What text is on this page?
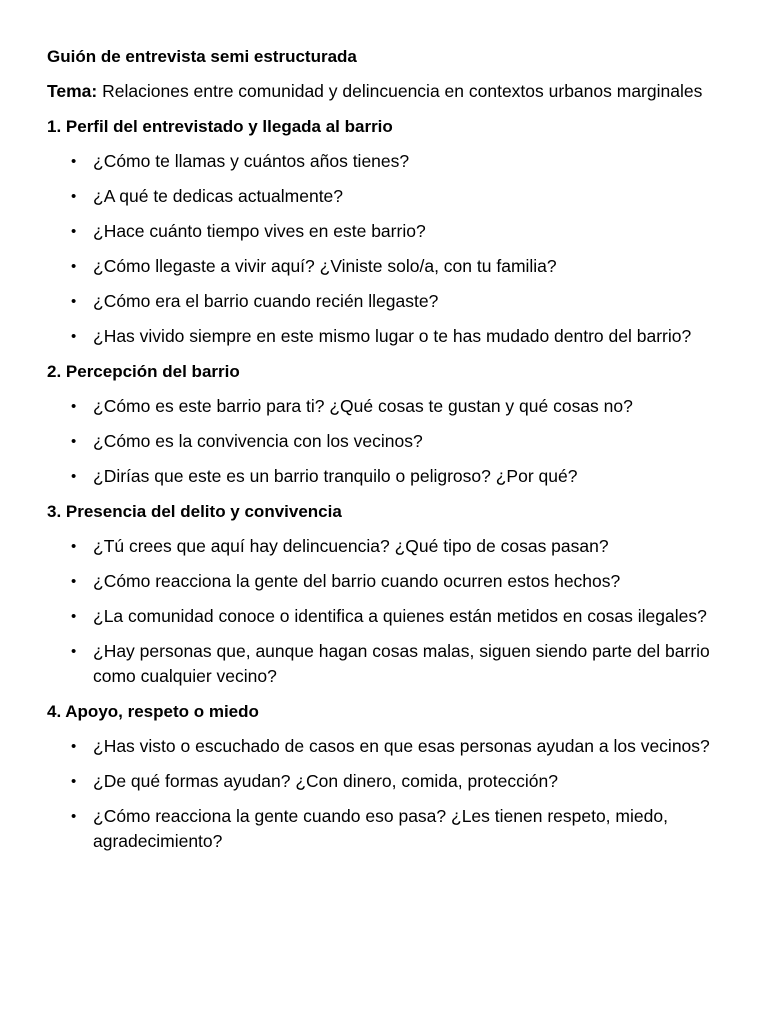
Guión de entrevista semi estructurada

Tema: Relaciones entre comunidad y delincuencia en contextos urbanos marginales

1. Perfil del entrevistado y llegada al barrio

• ¿Cómo te llamas y cuántos años tienes?
• ¿A qué te dedicas actualmente?
• ¿Hace cuánto tiempo vives en este barrio?
• ¿Cómo llegaste a vivir aquí? ¿Viniste solo/a, con tu familia?
• ¿Cómo era el barrio cuando recién llegaste?
• ¿Has vivido siempre en este mismo lugar o te has mudado dentro del barrio?

2. Percepción del barrio

• ¿Cómo es este barrio para ti? ¿Qué cosas te gustan y qué cosas no?
• ¿Cómo es la convivencia con los vecinos?
• ¿Dirías que este es un barrio tranquilo o peligroso? ¿Por qué?

3. Presencia del delito y convivencia

• ¿Tú crees que aquí hay delincuencia? ¿Qué tipo de cosas pasan?
• ¿Cómo reacciona la gente del barrio cuando ocurren estos hechos?
• ¿La comunidad conoce o identifica a quienes están metidos en cosas ilegales?
• ¿Hay personas que, aunque hagan cosas malas, siguen siendo parte del barrio como cualquier vecino?

4. Apoyo, respeto o miedo

• ¿Has visto o escuchado de casos en que esas personas ayudan a los vecinos?
• ¿De qué formas ayudan? ¿Con dinero, comida, protección?
• ¿Cómo reacciona la gente cuando eso pasa? ¿Les tienen respeto, miedo, agradecimiento?
